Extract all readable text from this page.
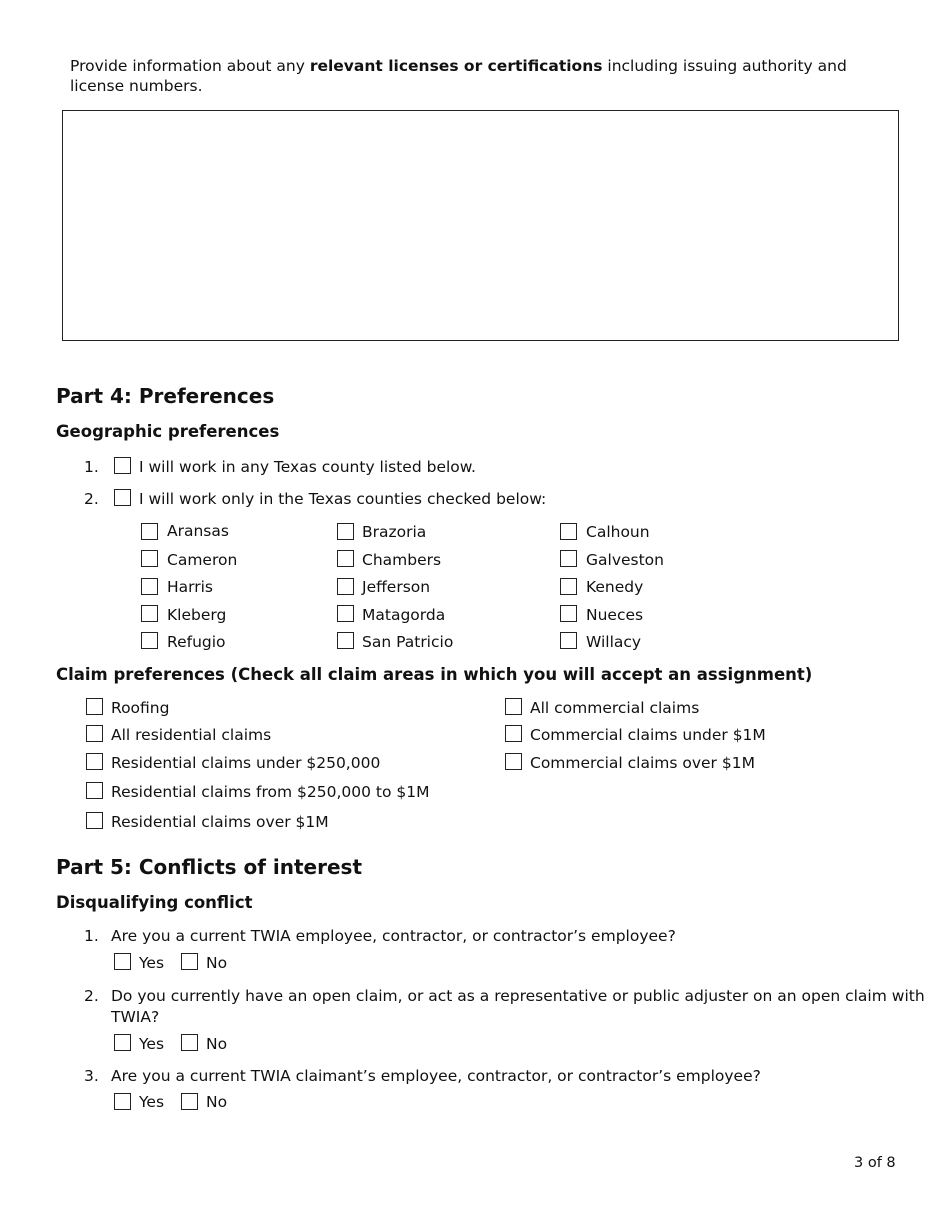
Provide information about any relevant licenses or certifications including issuing authority and license numbers.
Part 4: Preferences
Geographic preferences
1.	I will work in any Texas county listed below.
2.	I will work only in the Texas counties checked below:
Aransas	Brazoria	Calhoun
Cameron	Chambers	Galveston
Harris	Jefferson	Kenedy
Kleberg	Matagorda	Nueces
Refugio	San Patricio	Willacy
Claim preferences (Check all claim areas in which you will accept an assignment)
Roofing
All residential claims
Residential claims under $250,000
Residential claims from $250,000 to $1M
Residential claims over $1M
All commercial claims
Commercial claims under $1M
Commercial claims over $1M
Part 5: Conflicts of interest
Disqualifying conflict
1. Are you a current TWIA employee, contractor, or contractor’s employee?
Yes	No
2. Do you currently have an open claim, or act as a representative or public adjuster on an open claim with
TWIA?
Yes	No
3. Are you a current TWIA claimant’s employee, contractor, or contractor’s employee?
Yes	No
3 of 8
